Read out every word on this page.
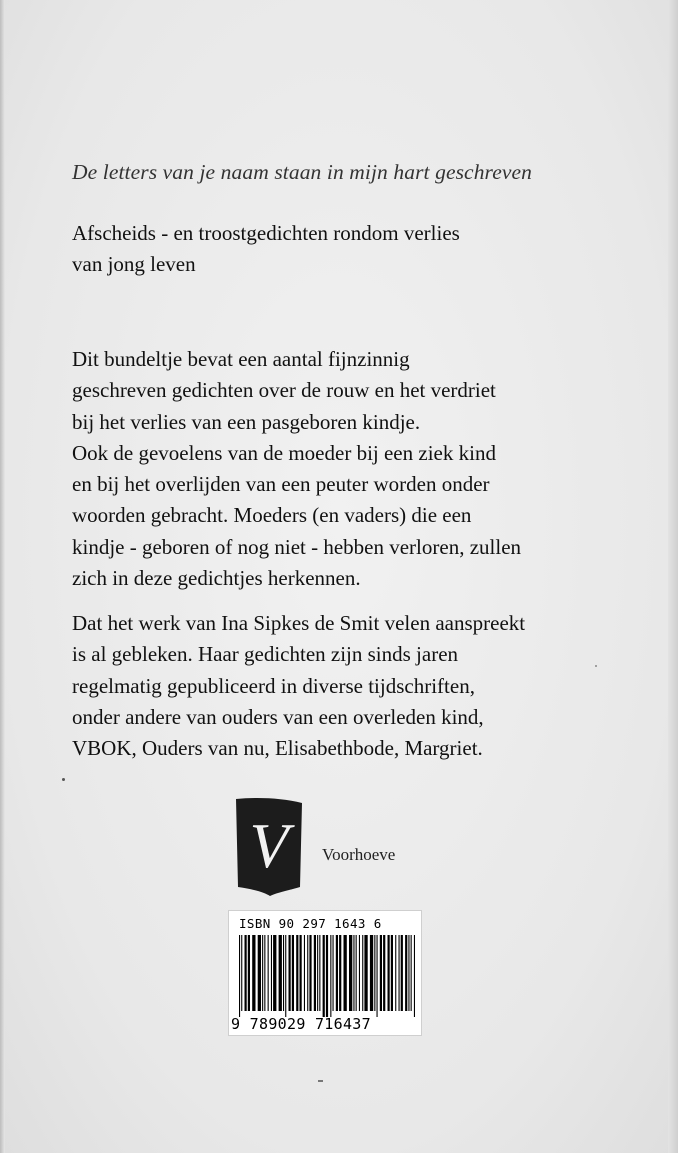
De letters van je naam staan in mijn hart geschreven
Afscheids - en troostgedichten rondom verlies
van jong leven
Dit bundeltje bevat een aantal fijnzinnig
geschreven gedichten over de rouw en het verdriet
bij het verlies van een pasgeboren kindje.
Ook de gevoelens van de moeder bij een ziek kind
en bij het overlijden van een peuter worden onder
woorden gebracht. Moeders (en vaders) die een
kindje - geboren of nog niet - hebben verloren, zullen
zich in deze gedichtjes herkennen.
Dat het werk van Ina Sipkes de Smit velen aanspreekt
is al gebleken. Haar gedichten zijn sinds jaren
regelmatig gepubliceerd in diverse tijdschriften,
onder andere van ouders van een overleden kind,
VBOK, Ouders van nu, Elisabethbode, Margriet.
V	Voorhoeve
ISBN 90 297 1643 6
9 789029 716437
